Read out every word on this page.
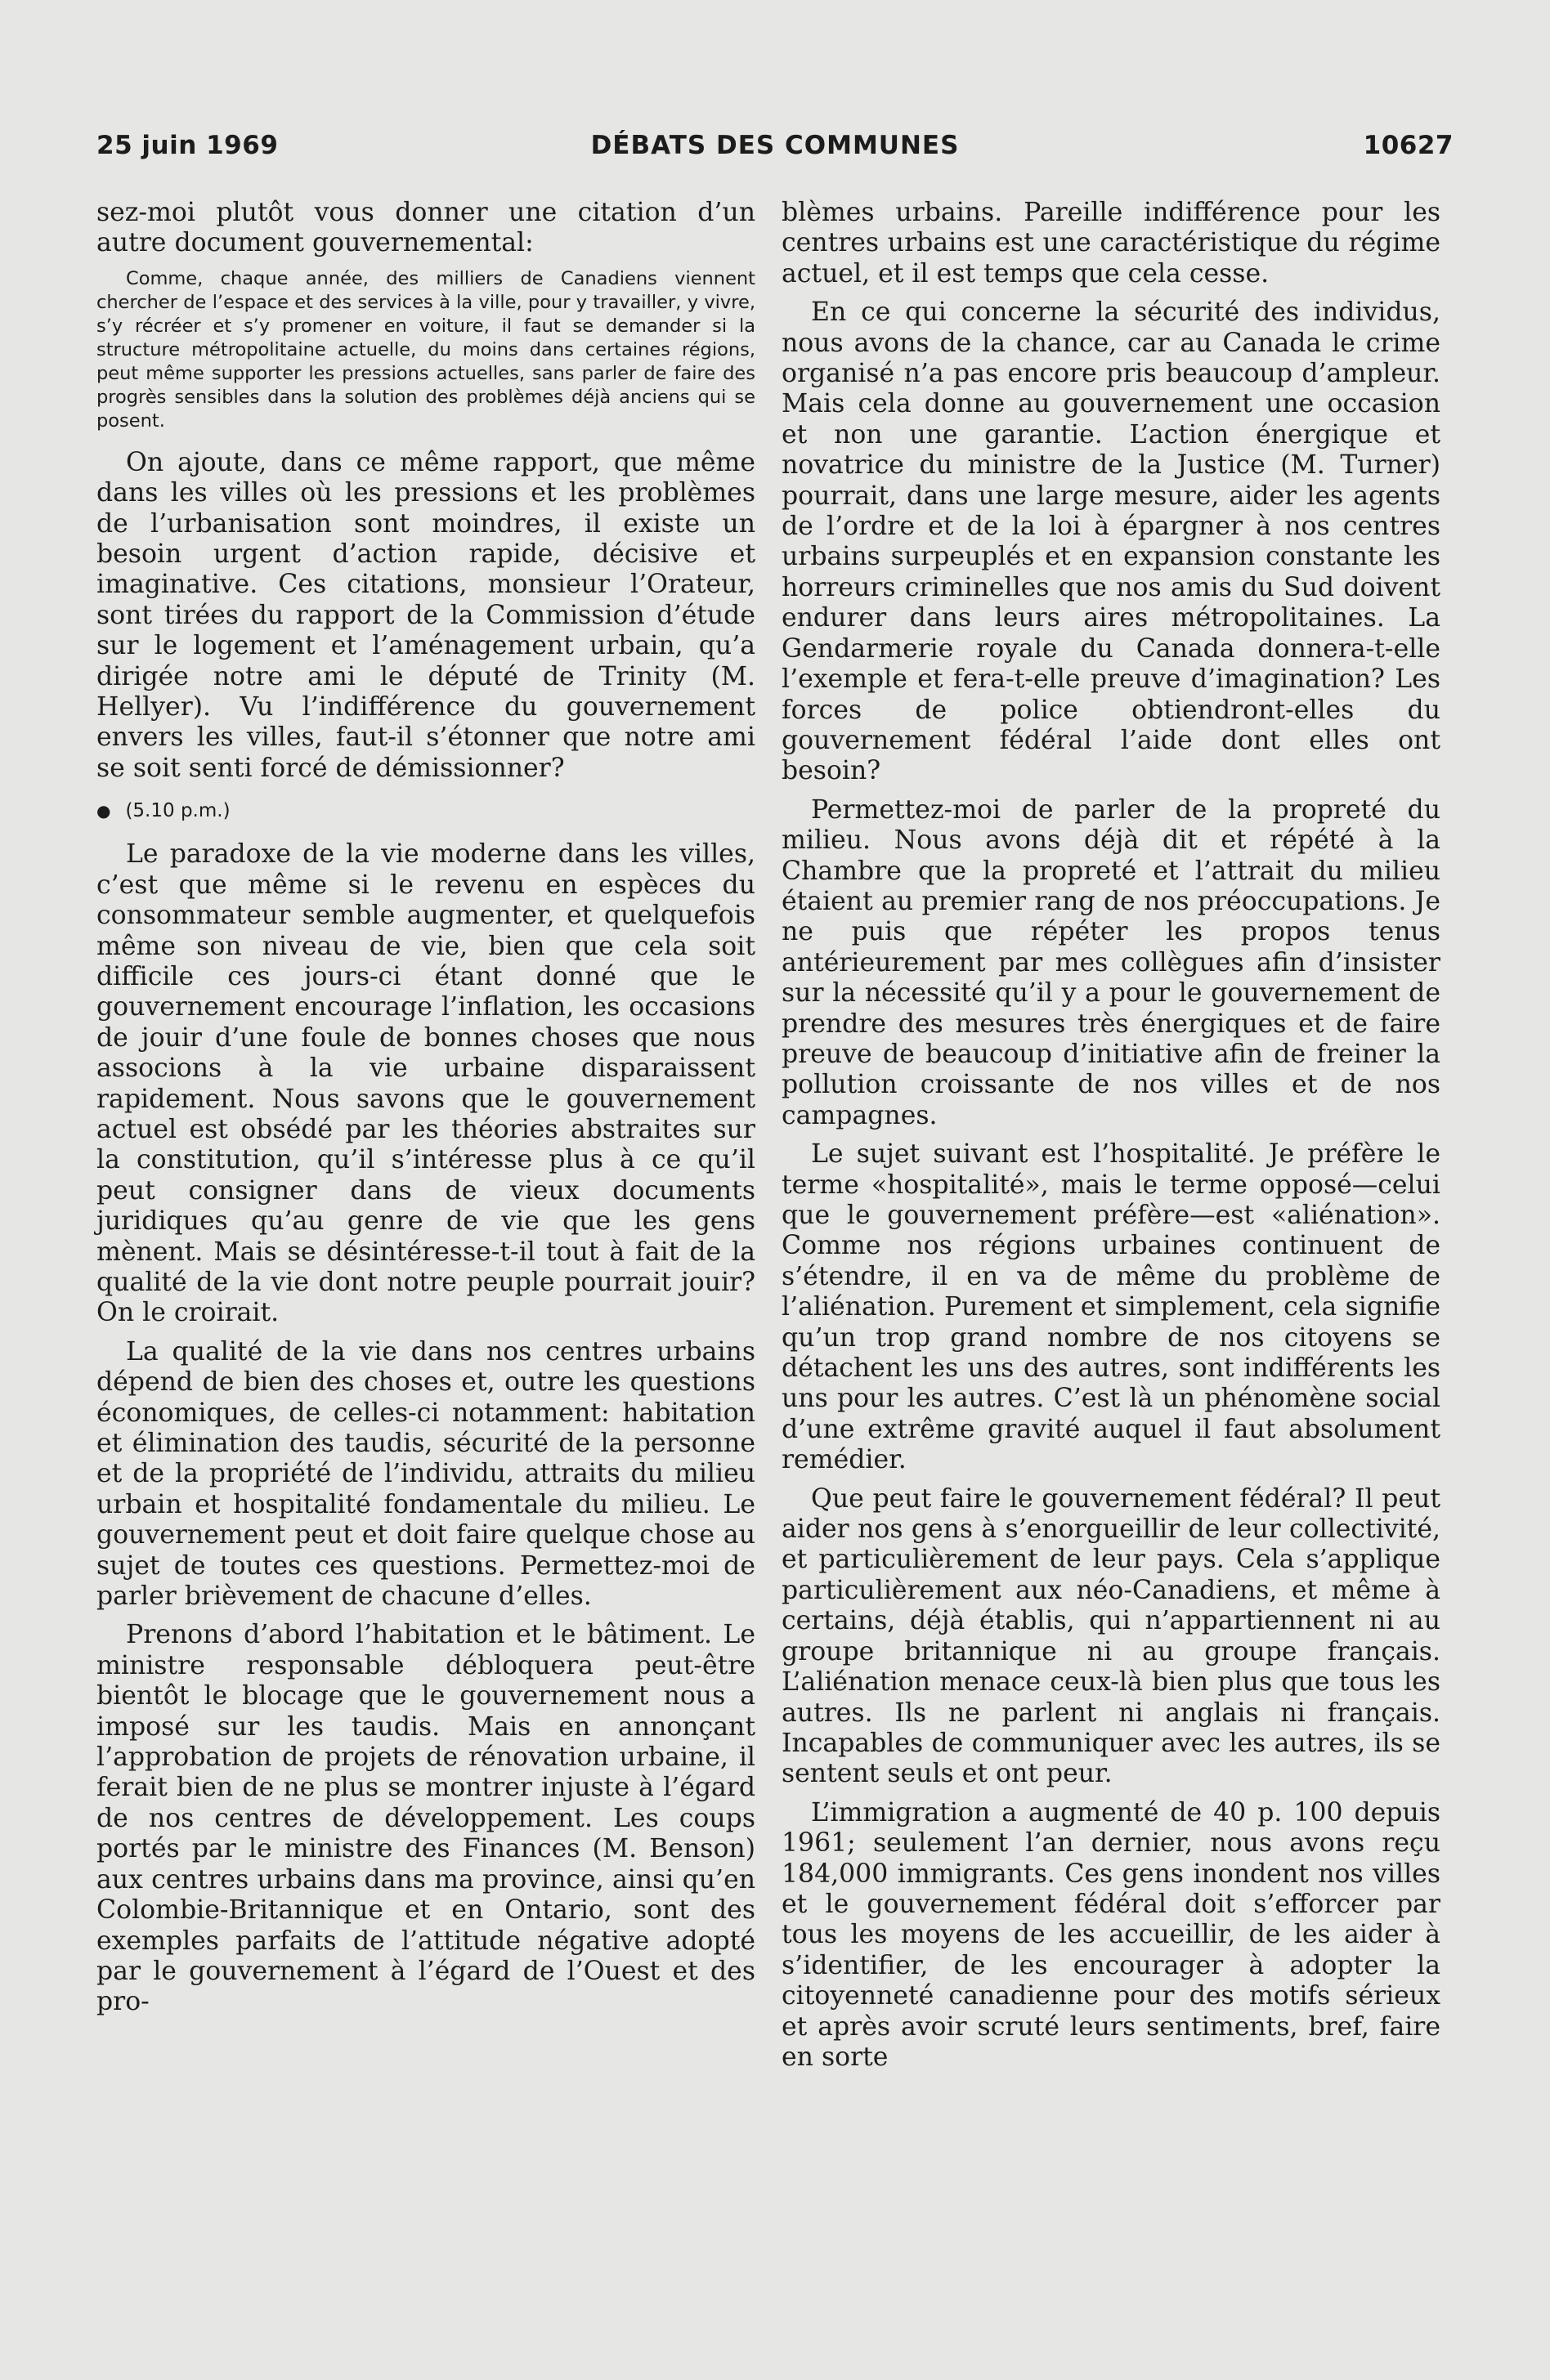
25 juin 1969	DÉBATS DES COMMUNES	10627

sez-moi plutôt vous donner une citation d’un autre document gouvernemental:

Comme, chaque année, des milliers de Canadiens viennent chercher de l’espace et des services à la ville, pour y travailler, y vivre, s’y récréer et s’y promener en voiture, il faut se demander si la structure métropolitaine actuelle, du moins dans certaines régions, peut même supporter les pressions actuelles, sans parler de faire des progrès sensibles dans la solution des problèmes déjà anciens qui se posent.

On ajoute, dans ce même rapport, que même dans les villes où les pressions et les problèmes de l’urbanisation sont moindres, il existe un besoin urgent d’action rapide, décisive et imaginative. Ces citations, monsieur l’Orateur, sont tirées du rapport de la Commission d’étude sur le logement et l’aménagement urbain, qu’a dirigée notre ami le député de Trinity (M. Hellyer). Vu l’indifférence du gouvernement envers les villes, faut-il s’étonner que notre ami se soit senti forcé de démissionner?

● (5.10 p.m.)

Le paradoxe de la vie moderne dans les villes, c’est que même si le revenu en espèces du consommateur semble augmenter, et quelquefois même son niveau de vie, bien que cela soit difficile ces jours-ci étant donné que le gouvernement encourage l’inflation, les occasions de jouir d’une foule de bonnes choses que nous associons à la vie urbaine disparaissent rapidement. Nous savons que le gouvernement actuel est obsédé par les théories abstraites sur la constitution, qu’il s’intéresse plus à ce qu’il peut consigner dans de vieux documents juridiques qu’au genre de vie que les gens mènent. Mais se désintéresse-t-il tout à fait de la qualité de la vie dont notre peuple pourrait jouir? On le croirait.

La qualité de la vie dans nos centres urbains dépend de bien des choses et, outre les questions économiques, de celles-ci notamment: habitation et élimination des taudis, sécurité de la personne et de la propriété de l’individu, attraits du milieu urbain et hospitalité fondamentale du milieu. Le gouvernement peut et doit faire quelque chose au sujet de toutes ces questions. Permettez-moi de parler brièvement de chacune d’elles.

Prenons d’abord l’habitation et le bâtiment. Le ministre responsable débloquera peut-être bientôt le blocage que le gouvernement nous a imposé sur les taudis. Mais en annonçant l’approbation de projets de rénovation urbaine, il ferait bien de ne plus se montrer injuste à l’égard de nos centres de développement. Les coups portés par le ministre des Finances (M. Benson) aux centres urbains dans ma province, ainsi qu’en Colombie-Britannique et en Ontario, sont des exemples parfaits de l’attitude négative adopté par le gouvernement à l’égard de l’Ouest et des pro-

blèmes urbains. Pareille indifférence pour les centres urbains est une caractéristique du régime actuel, et il est temps que cela cesse.

En ce qui concerne la sécurité des individus, nous avons de la chance, car au Canada le crime organisé n’a pas encore pris beaucoup d’ampleur. Mais cela donne au gouvernement une occasion et non une garantie. L’action énergique et novatrice du ministre de la Justice (M. Turner) pourrait, dans une large mesure, aider les agents de l’ordre et de la loi à épargner à nos centres urbains surpeuplés et en expansion constante les horreurs criminelles que nos amis du Sud doivent endurer dans leurs aires métropolitaines. La Gendarmerie royale du Canada donnera-t-elle l’exemple et fera-t-elle preuve d’imagination? Les forces de police obtiendront-elles du gouvernement fédéral l’aide dont elles ont besoin?

Permettez-moi de parler de la propreté du milieu. Nous avons déjà dit et répété à la Chambre que la propreté et l’attrait du milieu étaient au premier rang de nos préoccupations. Je ne puis que répéter les propos tenus antérieurement par mes collègues afin d’insister sur la nécessité qu’il y a pour le gouvernement de prendre des mesures très énergiques et de faire preuve de beaucoup d’initiative afin de freiner la pollution croissante de nos villes et de nos campagnes.

Le sujet suivant est l’hospitalité. Je préfère le terme «hospitalité», mais le terme opposé—celui que le gouvernement préfère—est «aliénation». Comme nos régions urbaines continuent de s’étendre, il en va de même du problème de l’aliénation. Purement et simplement, cela signifie qu’un trop grand nombre de nos citoyens se détachent les uns des autres, sont indifférents les uns pour les autres. C’est là un phénomène social d’une extrême gravité auquel il faut absolument remédier.

Que peut faire le gouvernement fédéral? Il peut aider nos gens à s’enorgueillir de leur collectivité, et particulièrement de leur pays. Cela s’applique particulièrement aux néo-Canadiens, et même à certains, déjà établis, qui n’appartiennent ni au groupe britannique ni au groupe français. L’aliénation menace ceux-là bien plus que tous les autres. Ils ne parlent ni anglais ni français. Incapables de communiquer avec les autres, ils se sentent seuls et ont peur.

L’immigration a augmenté de 40 p. 100 depuis 1961; seulement l’an dernier, nous avons reçu 184,000 immigrants. Ces gens inondent nos villes et le gouvernement fédéral doit s’efforcer par tous les moyens de les accueillir, de les aider à s’identifier, de les encourager à adopter la citoyenneté canadienne pour des motifs sérieux et après avoir scruté leurs sentiments, bref, faire en sorte
